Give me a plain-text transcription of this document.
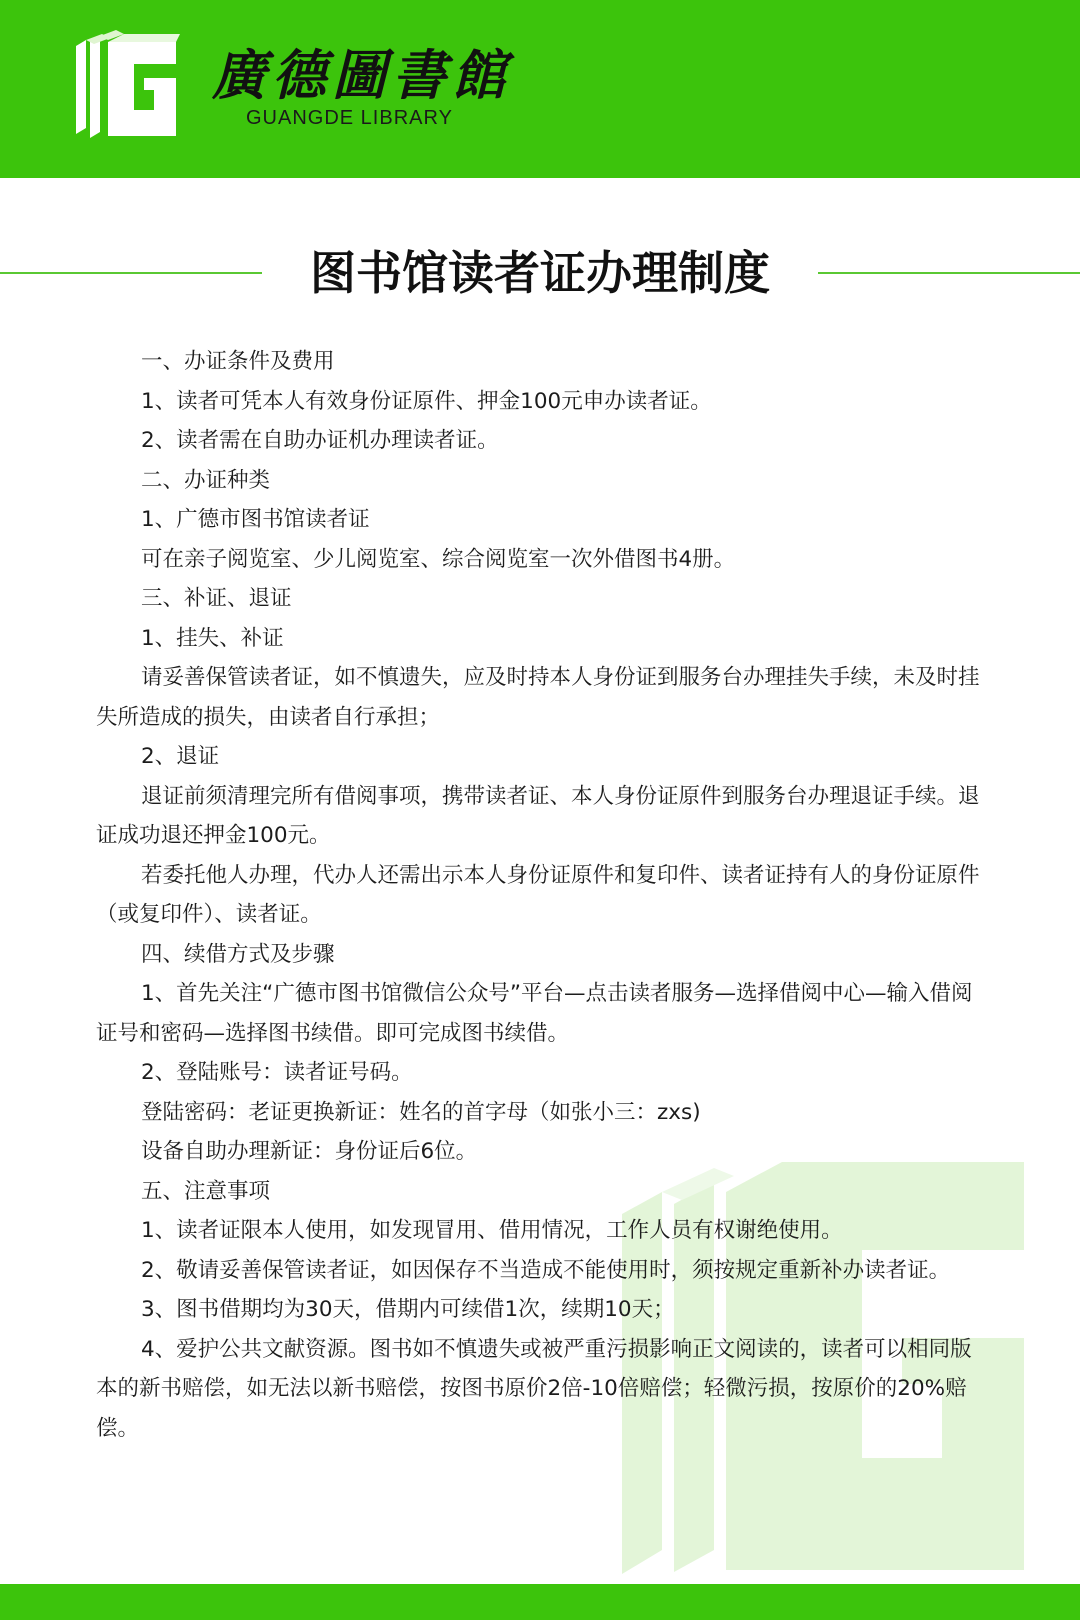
廣德圖書館
GUANGDE LIBRARY
图书馆读者证办理制度

一、办证条件及费用

1、读者可凭本人有效身份证原件、押金100元申办读者证。

2、读者需在自助办证机办理读者证。

二、办证种类

1、广德市图书馆读者证

可在亲子阅览室、少儿阅览室、综合阅览室一次外借图书4册。

三、补证、退证

1、挂失、补证

请妥善保管读者证，如不慎遗失，应及时持本人身份证到服务台办理挂失手续，未及时挂失所造成的损失，由读者自行承担；

2、退证

退证前须清理完所有借阅事项，携带读者证、本人身份证原件到服务台办理退证手续。退证成功退还押金100元。

若委托他人办理，代办人还需出示本人身份证原件和复印件、读者证持有人的身份证原件（或复印件）、读者证。

四、续借方式及步骤

1、首先关注“广德市图书馆微信公众号”平台—点击读者服务—选择借阅中心—输入借阅证号和密码—选择图书续借。即可完成图书续借。

2、登陆账号：读者证号码。

登陆密码：老证更换新证：姓名的首字母（如张小三：zxs)

设备自助办理新证：身份证后6位。

五、注意事项

1、读者证限本人使用，如发现冒用、借用情况，工作人员有权谢绝使用。

2、敬请妥善保管读者证，如因保存不当造成不能使用时，须按规定重新补办读者证。

3、图书借期均为30天，借期内可续借1次，续期10天；

4、爱护公共文献资源。图书如不慎遗失或被严重污损影响正文阅读的，读者可以相同版本的新书赔偿，如无法以新书赔偿，按图书原价2倍-10倍赔偿；轻微污损，按原价的20%赔偿。
